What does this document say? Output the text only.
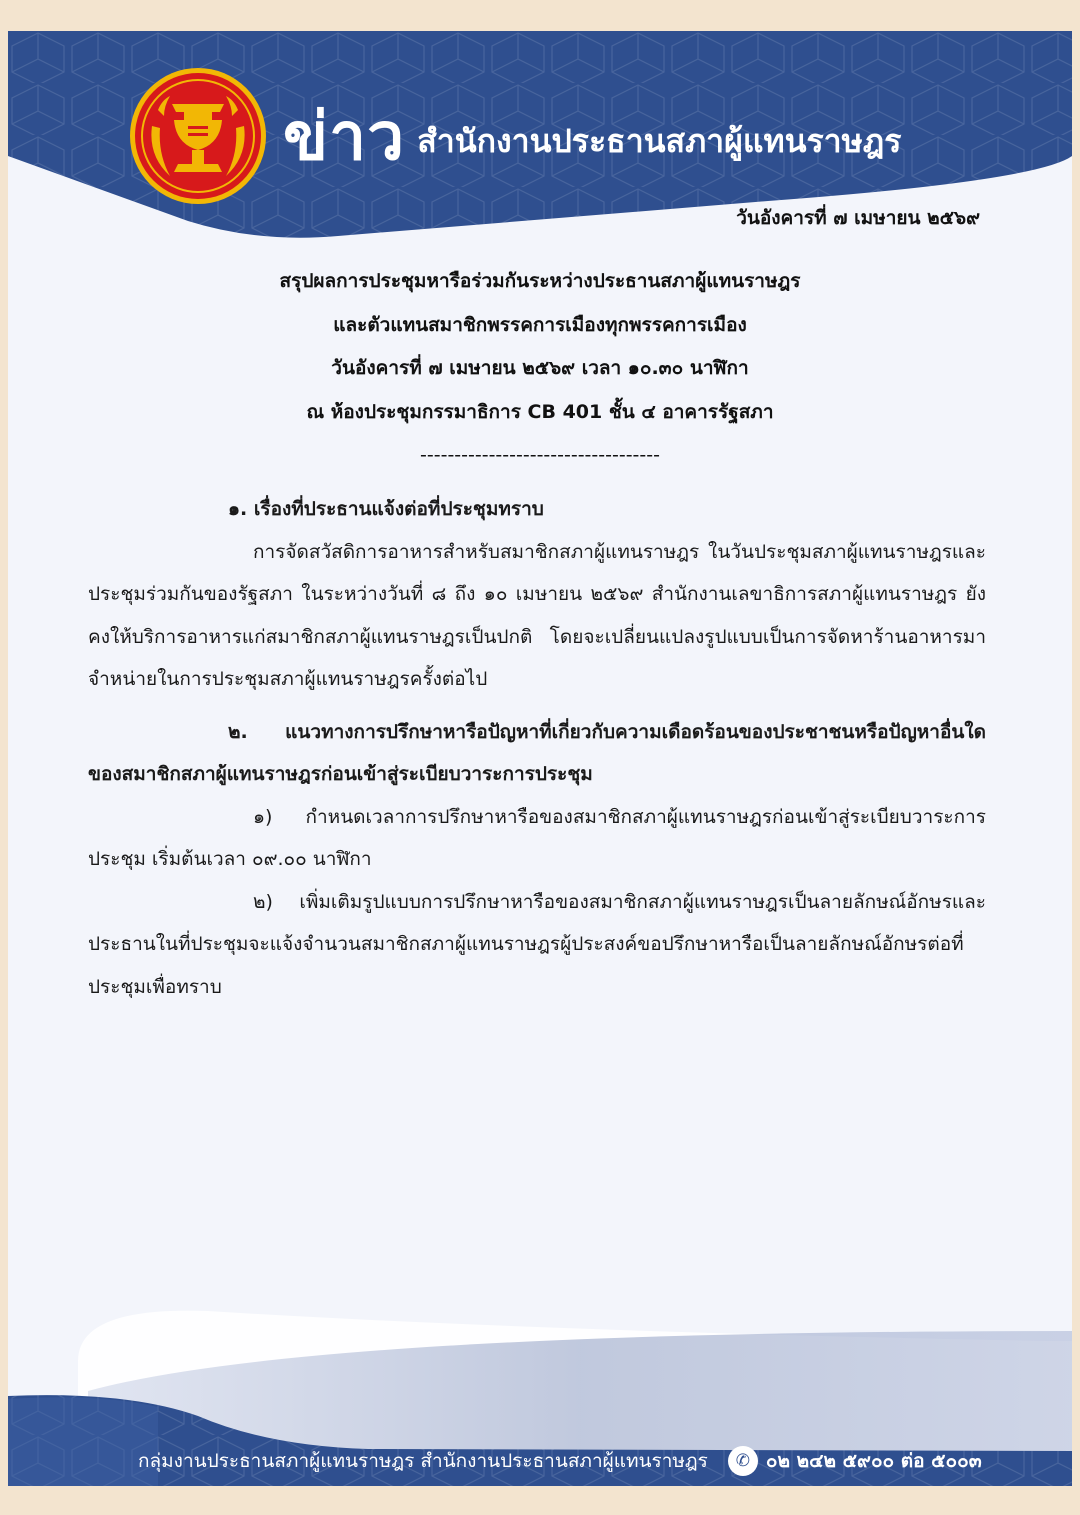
ข่าว สำนักงานประธานสภาผู้แทนราษฎร
วันอังคารที่ ๗ เมษายน ๒๕๖๙
สรุปผลการประชุมหารือร่วมกันระหว่างประธานสภาผู้แทนราษฎร
และตัวแทนสมาชิกพรรคการเมืองทุกพรรคการเมือง
วันอังคารที่ ๗ เมษายน ๒๕๖๙ เวลา ๑๐.๓๐ นาฬิกา
ณ ห้องประชุมกรรมาธิการ CB 401 ชั้น ๔ อาคารรัฐสภา
-----------------------------------
๑. เรื่องที่ประธานแจ้งต่อที่ประชุมทราบ

การจัดสวัสดิการอาหารสำหรับสมาชิกสภาผู้แทนราษฎร ในวันประชุมสภาผู้แทนราษฎรและประชุมร่วมกันของรัฐสภา ในระหว่างวันที่ ๘ ถึง ๑๐ เมษายน ๒๕๖๙ สำนักงานเลขาธิการสภาผู้แทนราษฎร ยังคงให้บริการอาหารแก่สมาชิกสภาผู้แทนราษฎรเป็นปกติ โดยจะเปลี่ยนแปลงรูปแบบเป็นการจัดหาร้านอาหารมาจำหน่ายในการประชุมสภาผู้แทนราษฎรครั้งต่อไป

๒. แนวทางการปรึกษาหารือปัญหาที่เกี่ยวกับความเดือดร้อนของประชาชนหรือปัญหาอื่นใด ของสมาชิกสภาผู้แทนราษฎรก่อนเข้าสู่ระเบียบวาระการประชุม

๑) กำหนดเวลาการปรึกษาหารือของสมาชิกสภาผู้แทนราษฎรก่อนเข้าสู่ระเบียบวาระการประชุม เริ่มต้นเวลา ๐๙.๐๐ นาฬิกา

๒) เพิ่มเติมรูปแบบการปรึกษาหารือของสมาชิกสภาผู้แทนราษฎรเป็นลายลักษณ์อักษรและประธานในที่ประชุมจะแจ้งจำนวนสมาชิกสภาผู้แทนราษฎรผู้ประสงค์ขอปรึกษาหารือเป็นลายลักษณ์อักษรต่อที่ประชุมเพื่อทราบ

กลุ่มงานประธานสภาผู้แทนราษฎร สำนักงานประธานสภาผู้แทนราษฎร	✆ ๐๒ ๒๔๒ ๕๙๐๐ ต่อ ๕๐๐๓
